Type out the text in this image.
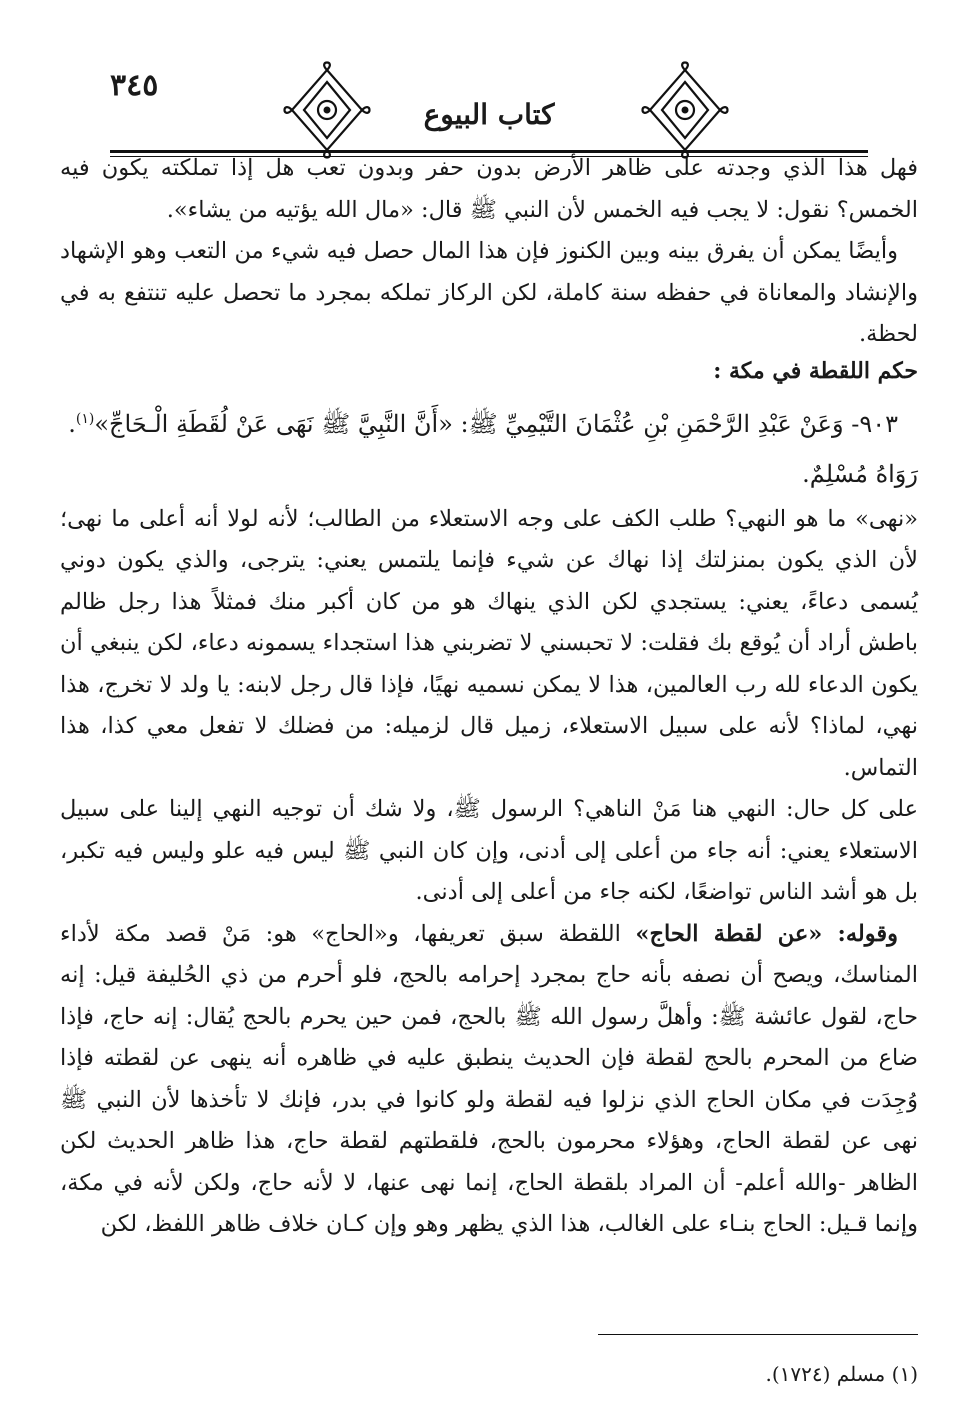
٣٤٥
كتاب البيوع

فهل هذا الذي وجدته على ظاهر الأرض بدون حفر وبدون تعب هل إذا تملكته يكون فيه الخمس؟ نقول: لا يجب فيه الخمس لأن النبي ﷺ قال: «مال الله يؤتيه من يشاء».

وأيضًا يمكن أن يفرق بينه وبين الكنوز فإن هذا المال حصل فيه شيء من التعب وهو الإشهاد والإنشاد والمعاناة في حفظه سنة كاملة، لكن الركاز تملكه بمجرد ما تحصل عليه تنتفع به في لحظة.

حكم اللقطة في مكة :

٩٠٣- وَعَنْ عَبْدِ الرَّحْمَنِ بْنِ عُثْمَانَ التَّيْمِيِّ ﷺ: «أَنَّ النَّبِيَّ ﷺ نَهَى عَنْ لُقَطَةِ الْـحَاجِّ»$^{(١)}$.
رَوَاهُ مُسْلِمٌ.

«نهى» ما هو النهي؟ طلب الكف على وجه الاستعلاء من الطالب؛ لأنه لولا أنه أعلى ما نهى؛ لأن الذي يكون بمنزلتك إذا نهاك عن شيء فإنما يلتمس يعني: يترجى، والذي يكون دوني يُسمى دعاءً، يعني: يستجدي لكن الذي ينهاك هو من كان أكبر منك فمثلاً هذا رجل ظالم باطش أراد أن يُوقع بك فقلت: لا تحبسني لا تضربني هذا استجداء يسمونه دعاء، لكن ينبغي أن يكون الدعاء لله رب العالمين، هذا لا يمكن نسميه نهيًا، فإذا قال رجل لابنه: يا ولد لا تخرج، هذا نهي، لماذا؟ لأنه على سبيل الاستعلاء، زميل قال لزميله: من فضلك لا تفعل معي كذا، هذا التماس.

على كل حال: النهي هنا مَنْ الناهي؟ الرسول ﷺ، ولا شك أن توجيه النهي إلينا على سبيل الاستعلاء يعني: أنه جاء من أعلى إلى أدنى، وإن كان النبي ﷺ ليس فيه علو وليس فيه تكبر، بل هو أشد الناس تواضعًا، لكنه جاء من أعلى إلى أدنى.

وقوله: «عن لقطة الحاج» اللقطة سبق تعريفها، و«الحاج» هو: مَنْ قصد مكة لأداء المناسك، ويصح أن نصفه بأنه حاج بمجرد إحرامه بالحج، فلو أحرم من ذي الحُليفة قيل: إنه حاج، لقول عائشة ﷺ: وأهلَّ رسول الله ﷺ بالحج، فمن حين يحرم بالحج يُقال: إنه حاج، فإذا ضاع من المحرم بالحج لقطة فإن الحديث ينطبق عليه في ظاهره أنه ينهى عن لقطته فإذا وُجِدَت في مكان الحاج الذي نزلوا فيه لقطة ولو كانوا في بدر، فإنك لا تأخذها لأن النبي ﷺ نهى عن لقطة الحاج، وهؤلاء محرمون بالحج، فلقطتهم لقطة حاج، هذا ظاهر الحديث لكن الظاهر -والله أعلم- أن المراد بلقطة الحاج، إنما نهى عنها، لا لأنه حاج، ولكن لأنه في مكة، وإنما قـيل: الحاج بنـاء على الغالب، هذا الذي يظهر وهو وإن كـان خلاف ظاهر اللفظ، لكن

(١) مسلم (١٧٢٤).
